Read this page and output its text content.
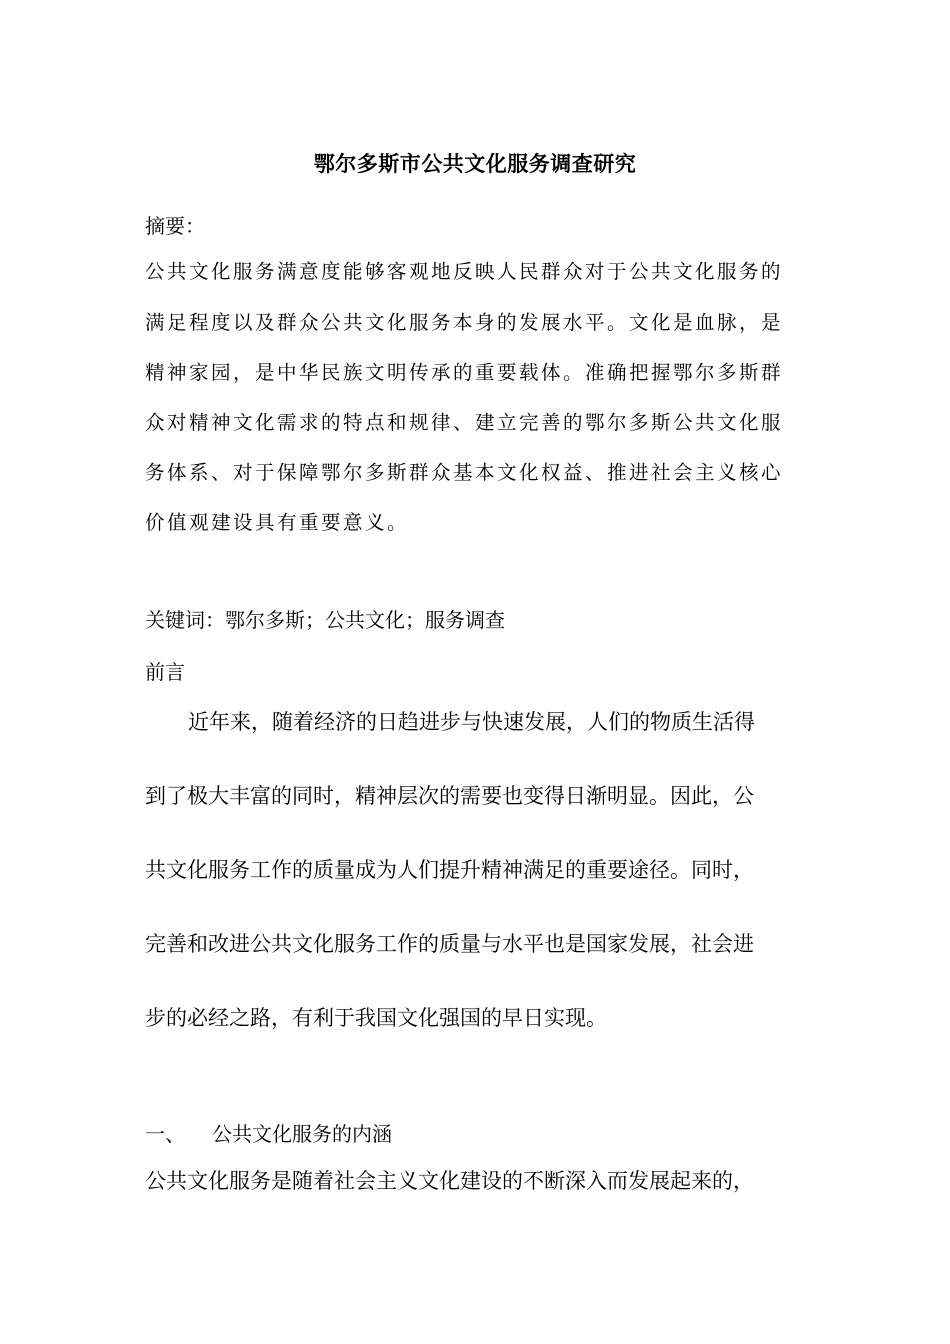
鄂尔多斯市公共文化服务调查研究
摘要：
公共文化服务满意度能够客观地反映人民群众对于公共文化服务的
满足程度以及群众公共文化服务本身的发展水平。文化是血脉，是
精神家园，是中华民族文明传承的重要载体。准确把握鄂尔多斯群
众对精神文化需求的特点和规律、建立完善的鄂尔多斯公共文化服
务体系、对于保障鄂尔多斯群众基本文化权益、推进社会主义核心
价值观建设具有重要意义。
关键词：鄂尔多斯；公共文化；服务调查
前言
近年来，随着经济的日趋进步与快速发展，人们的物质生活得
到了极大丰富的同时，精神层次的需要也变得日渐明显。因此，公
共文化服务工作的质量成为人们提升精神满足的重要途径。同时，
完善和改进公共文化服务工作的质量与水平也是国家发展，社会进
步的必经之路，有利于我国文化强国的早日实现。
一、 公共文化服务的内涵
公共文化服务是随着社会主义文化建设的不断深入而发展起来的，
